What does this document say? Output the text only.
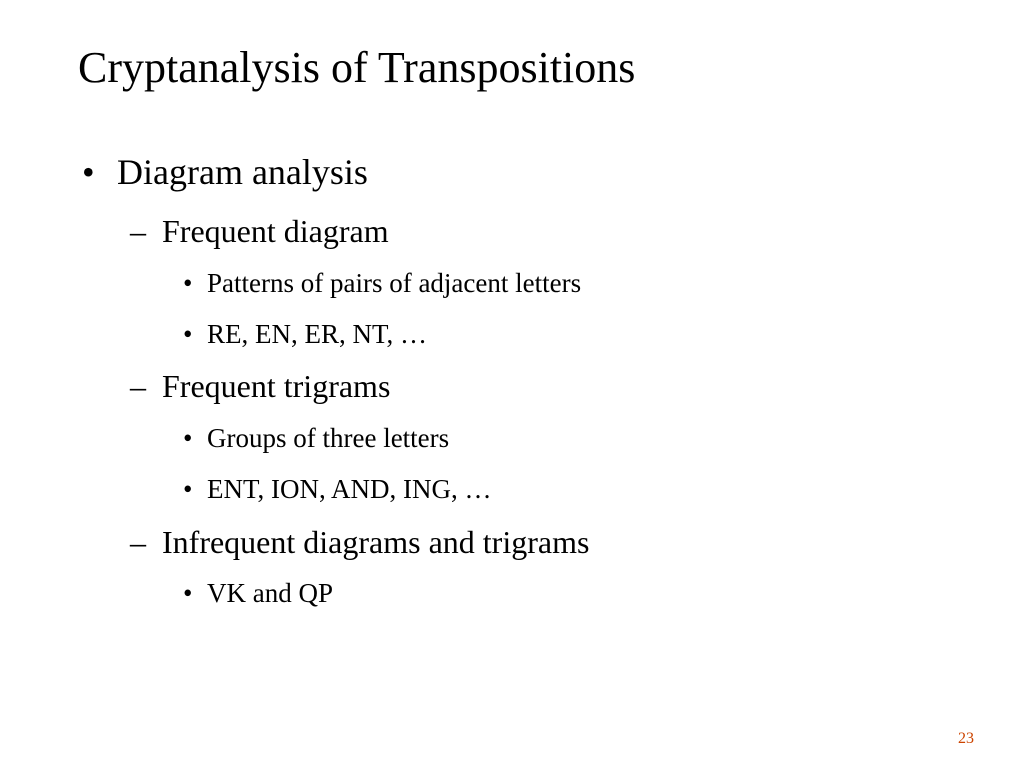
Cryptanalysis of Transpositions
• Diagram analysis
– Frequent diagram
• Patterns of pairs of adjacent letters
• RE, EN, ER, NT, …
– Frequent trigrams
• Groups of three letters
• ENT, ION, AND, ING, …
– Infrequent diagrams and trigrams
• VK and QP
23
